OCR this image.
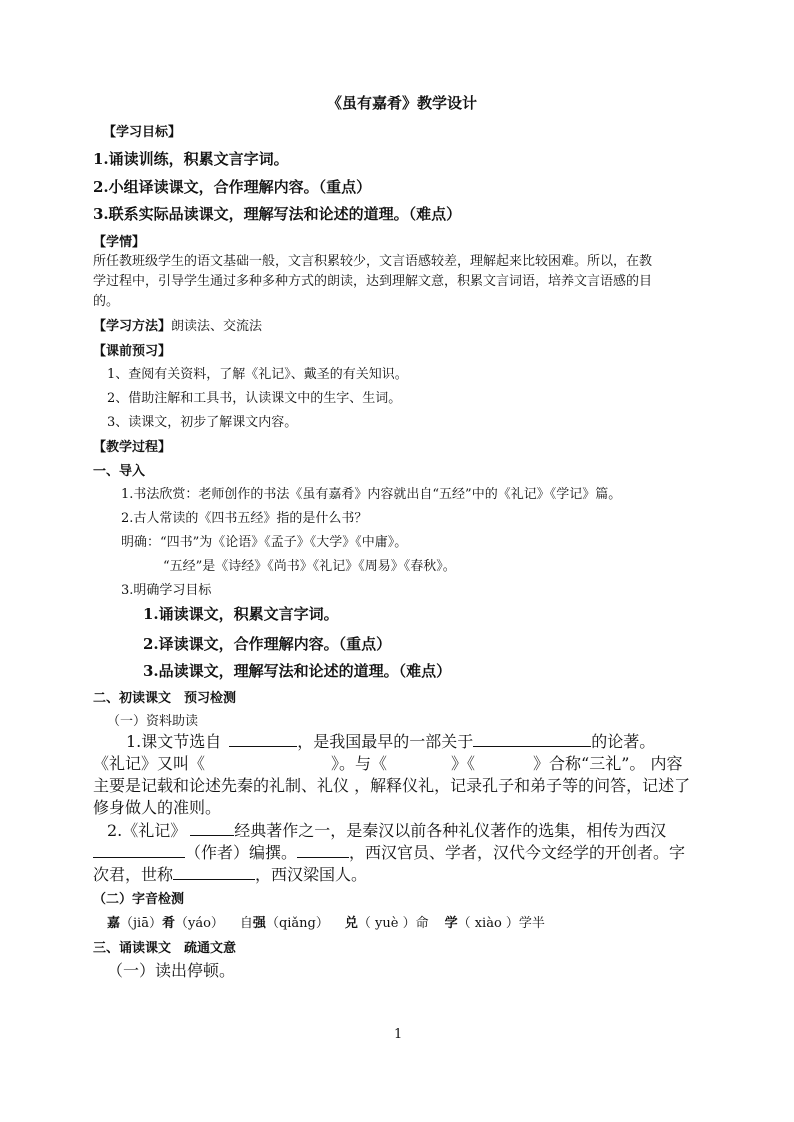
《虽有嘉肴》教学设计
【学习目标】
1.诵读训练，积累文言字词。
2.小组译读课文，合作理解内容。（重点）
3.联系实际品读课文，理解写法和论述的道理。（难点）
【学情】
所任教班级学生的语文基础一般，文言积累较少，文言语感较差，理解起来比较困难。所以，在教
学过程中，引导学生通过多种多种方式的朗读，达到理解文意，积累文言词语，培养文言语感的目
的。
【学习方法】朗读法、交流法
【课前预习】
1、查阅有关资料，了解《礼记》、戴圣的有关知识。
2、借助注解和工具书，认读课文中的生字、生词。
3、读课文，初步了解课文内容。
【教学过程】
一、导入
1.书法欣赏：老师创作的书法《虽有嘉肴》内容就出自“五经”中的《礼记》《学记》篇。
2.古人常读的《四书五经》指的是什么书？
明确：“四书”为《论语》《孟子》《大学》《中庸》。
“五经”是《诗经》《尚书》《礼记》《周易》《春秋》。
3.明确学习目标
1.诵读课文，积累文言字词。
2.译读课文，合作理解内容。（重点）
3.品读课文，理解写法和论述的道理。（难点）
二、初读课文　预习检测
（一）资料助读
1.课文节选自	，是我国最早的一部关于	的论著。
《礼记》又叫《	》。与《	》《	》合称“三礼”。 内容
主要是记载和论述先秦的礼制、礼仪 ，解释仪礼，记录孔子和弟子等的问答，记述了
修身做人的准则。
2.《礼记》	经典著作之一，是秦汉以前各种礼仪著作的选集，相传为西汉
（作者）编撰。	，西汉官员、学者，汉代今文经学的开创者。字
次君，世称	，西汉梁国人。
（二）字音检测
嘉（jiā）肴（yáo） 自强（qiǎng） 兑（ yuè ）命 学（ xiào ）学半
三、诵读课文　疏通文意
（一）读出停顿。
1
